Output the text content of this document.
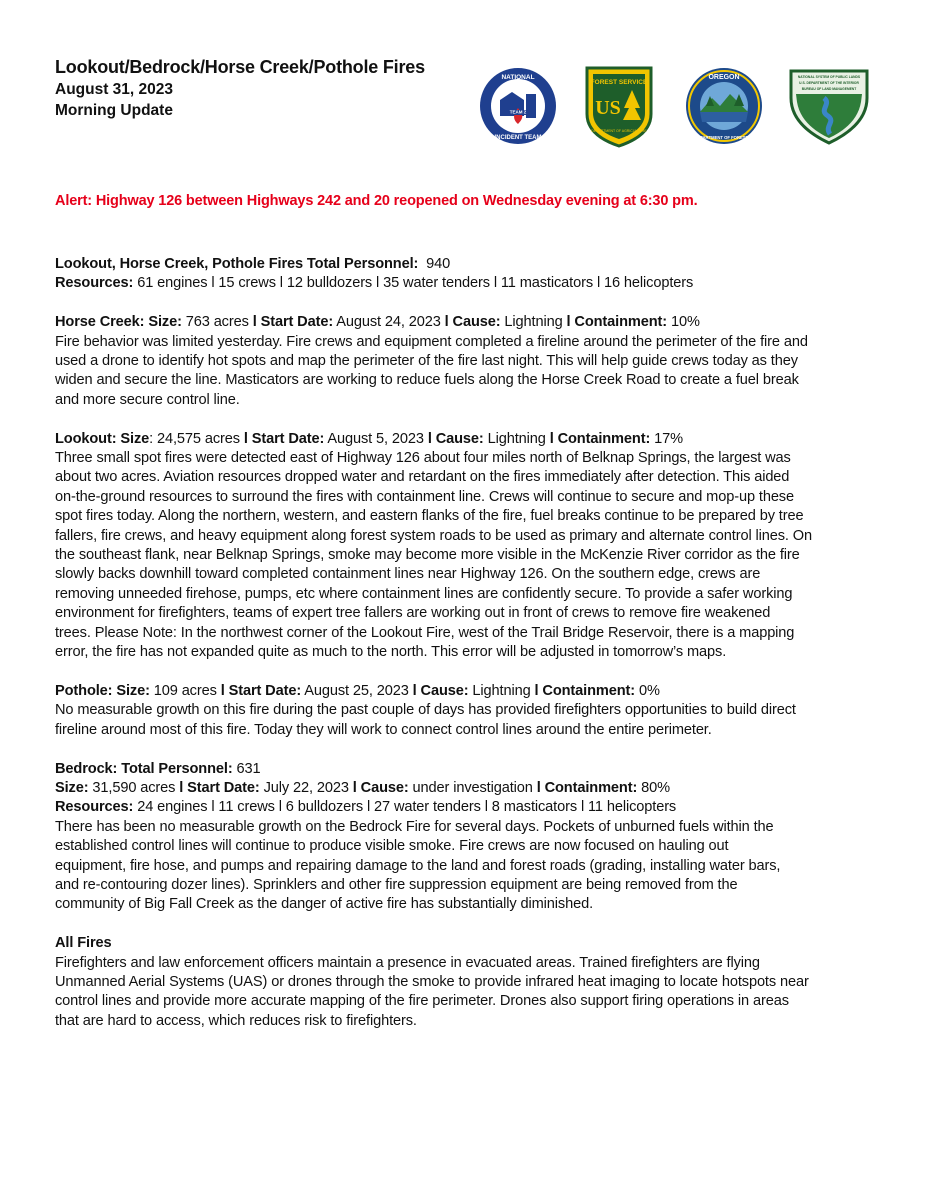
Lookout/Bedrock/Horse Creek/Pothole Fires
August 31, 2023
Morning Update	TEAM 2
NATIONAL
INCIDENT TEAM
FOREST SERVICE
US
DEPARTMENT OF AGRICULTURE
OREGON
DEPARTMENT OF FORESTRY
NATIONAL SYSTEM OF PUBLIC LANDS
U.S. DEPARTMENT OF THE INTERIOR
BUREAU OF LAND MANAGEMENT
Alert: Highway 126 between Highways 242 and 20 reopened on Wednesday evening at 6:30 pm.

Lookout, Horse Creek, Pothole Fires Total Personnel: 940

Resources: 61 engines l 15 crews l 12 bulldozers l 35 water tenders l 11 masticators l 16 helicopters

Horse Creek: Size: 763 acres l Start Date: August 24, 2023 l Cause: Lightning l Containment: 10%

Fire behavior was limited yesterday. Fire crews and equipment completed a fireline around the perimeter of the fire and

used a drone to identify hot spots and map the perimeter of the fire last night. This will help guide crews today as they

widen and secure the line. Masticators are working to reduce fuels along the Horse Creek Road to create a fuel break

and more secure control line.

Lookout: Size: 24,575 acres l Start Date: August 5, 2023 l Cause: Lightning l Containment: 17%

Three small spot fires were detected east of Highway 126 about four miles north of Belknap Springs, the largest was

about two acres. Aviation resources dropped water and retardant on the fires immediately after detection. This aided

on-the-ground resources to surround the fires with containment line. Crews will continue to secure and mop-up these

spot fires today. Along the northern, western, and eastern flanks of the fire, fuel breaks continue to be prepared by tree

fallers, fire crews, and heavy equipment along forest system roads to be used as primary and alternate control lines. On

the southeast flank, near Belknap Springs, smoke may become more visible in the McKenzie River corridor as the fire

slowly backs downhill toward completed containment lines near Highway 126. On the southern edge, crews are

removing unneeded firehose, pumps, etc where containment lines are confidently secure. To provide a safer working

environment for firefighters, teams of expert tree fallers are working out in front of crews to remove fire weakened

trees. Please Note: In the northwest corner of the Lookout Fire, west of the Trail Bridge Reservoir, there is a mapping

error, the fire has not expanded quite as much to the north. This error will be adjusted in tomorrow’s maps.

Pothole: Size: 109 acres l Start Date: August 25, 2023 l Cause: Lightning l Containment: 0%

No measurable growth on this fire during the past couple of days has provided firefighters opportunities to build direct

fireline around most of this fire. Today they will work to connect control lines around the entire perimeter.

Bedrock: Total Personnel: 631

Size: 31,590 acres l Start Date: July 22, 2023 l Cause: under investigation l Containment: 80%

Resources: 24 engines l 11 crews l 6 bulldozers l 27 water tenders l 8 masticators l 11 helicopters

There has been no measurable growth on the Bedrock Fire for several days. Pockets of unburned fuels within the

established control lines will continue to produce visible smoke. Fire crews are now focused on hauling out

equipment, fire hose, and pumps and repairing damage to the land and forest roads (grading, installing water bars,

and re-contouring dozer lines). Sprinklers and other fire suppression equipment are being removed from the

community of Big Fall Creek as the danger of active fire has substantially diminished.

All Fires

Firefighters and law enforcement officers maintain a presence in evacuated areas. Trained firefighters are flying

Unmanned Aerial Systems (UAS) or drones through the smoke to provide infrared heat imaging to locate hotspots near

control lines and provide more accurate mapping of the fire perimeter. Drones also support firing operations in areas

that are hard to access, which reduces risk to firefighters.
